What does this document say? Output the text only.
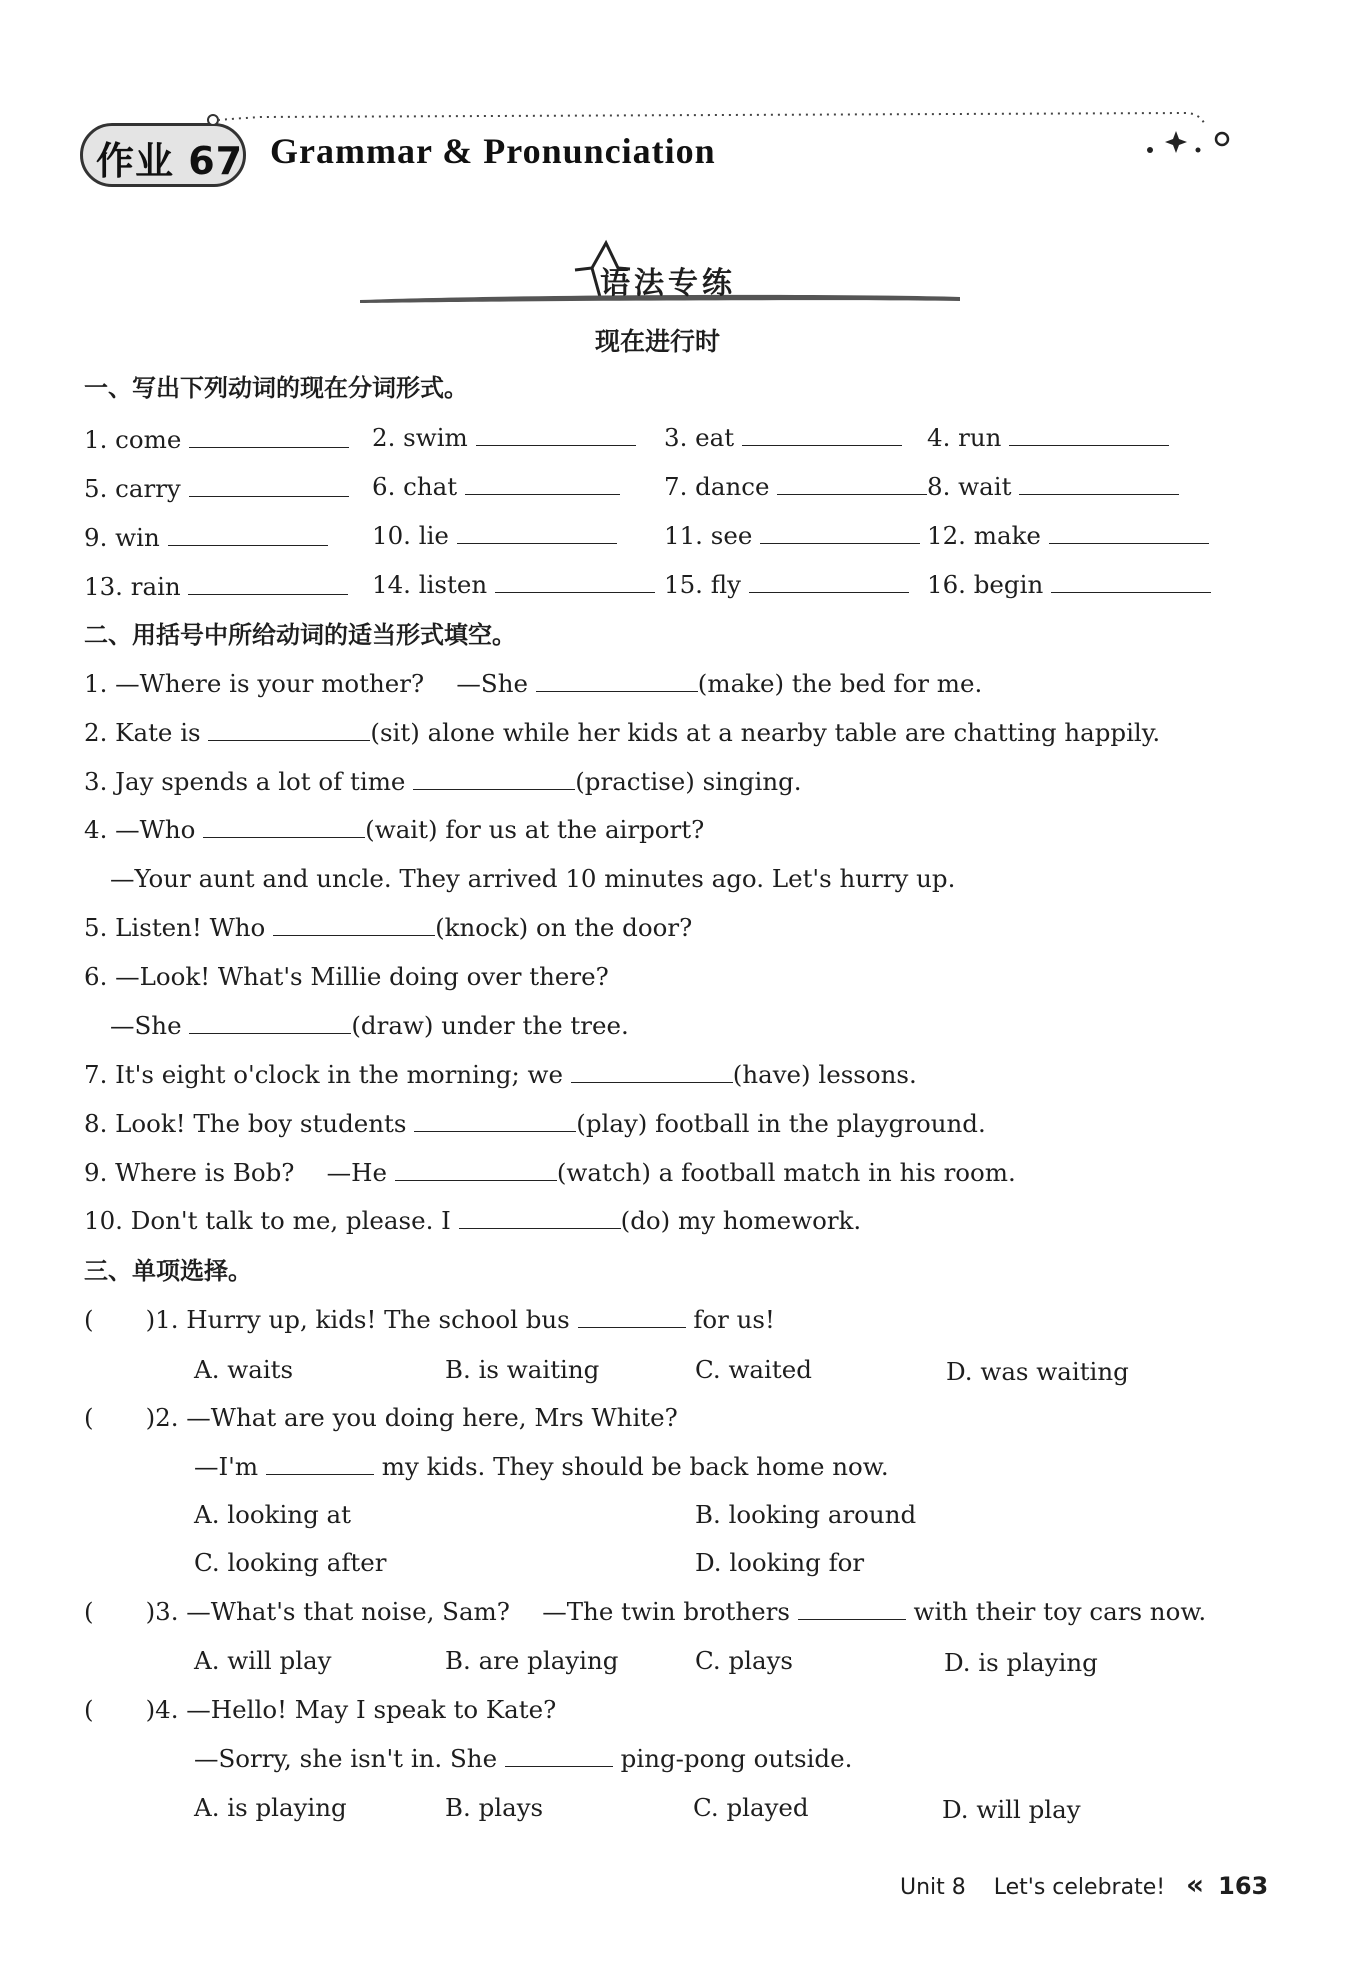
作业 67 Grammar & Pronunciation
语法专练
现在进行时
一、写出下列动词的现在分词形式。
1. come	2. swim	3. eat	4. run
5. carry	6. chat	7. dance	8. wait
9. win	10. lie	11. see	12. make
13. rain	14. listen	15. fly	16. begin
二、用括号中所给动词的适当形式填空。
1. —Where is your mother?　 —She	(make) the bed for me.
2. Kate is	(sit) alone while her kids at a nearby table are chatting happily.
3. Jay spends a lot of time	(practise) singing.
4. —Who	(wait) for us at the airport?
—Your aunt and uncle. They arrived 10 minutes ago. Let's hurry up.
5. Listen! Who	(knock) on the door?
6. —Look! What's Millie doing over there?
—She	(draw) under the tree.
7. It's eight o'clock in the morning; we	(have) lessons.
8. Look! The boy students	(play) football in the playground.
9. Where is Bob?　 —He	(watch) a football match in his room.
10. Don't talk to me, please. I	(do) my homework.
三、单项选择。
( )1. Hurry up, kids! The school bus	for us!
A. waits	B. is waiting	C. waited	D. was waiting
( )2. —What are you doing here, Mrs White?
—I'm	my kids. They should be back home now.
A. looking at	B. looking around
C. looking after	D. looking for
( )3. —What's that noise, Sam?　 —The twin brothers	with their toy cars now.
A. will play	B. are playing	C. plays	D. is playing
( )4. —Hello! May I speak to Kate?
—Sorry, she isn't in. She	ping-pong outside.
A. is playing	B. plays	C. played	D. will play
Unit 8 Let's celebrate! « 163
